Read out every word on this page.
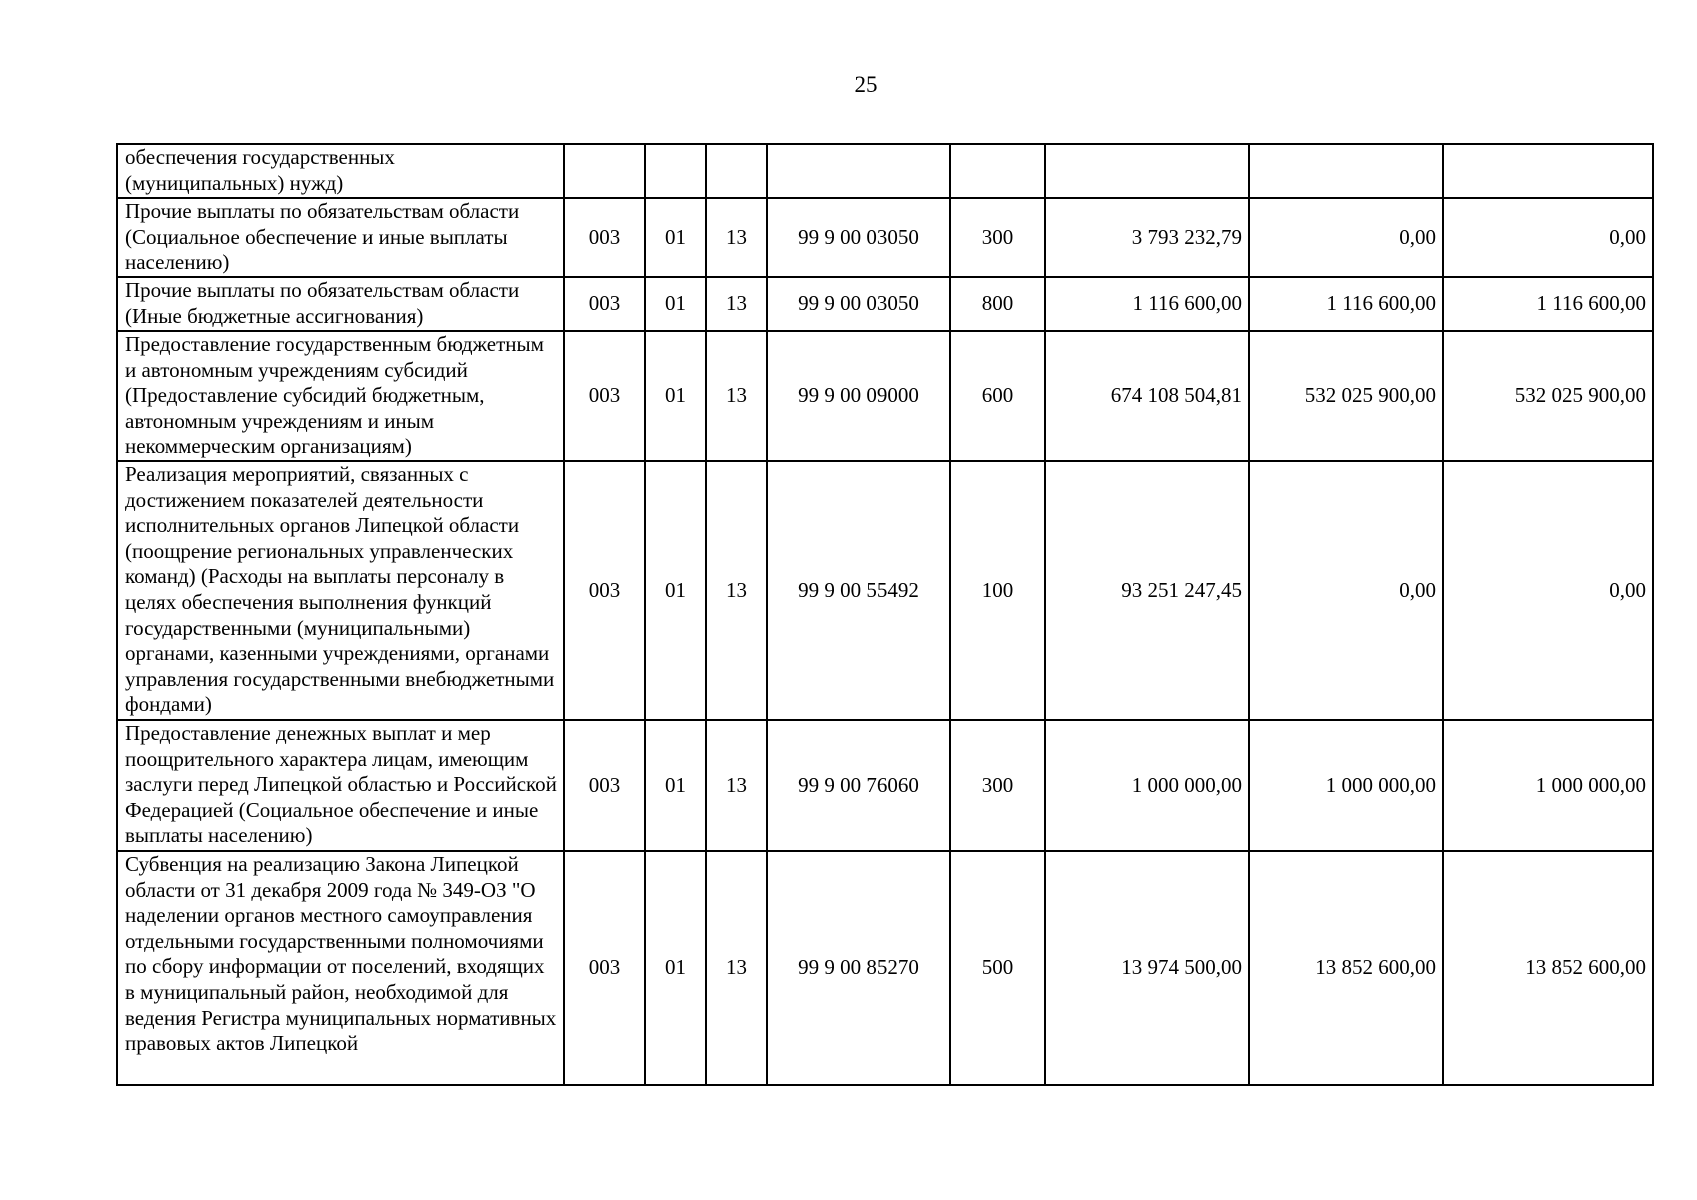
25
обеспечения государственных (муниципальных) нужд)								
Прочие выплаты по обязательствам области (Социальное обеспечение и иные выплаты населению)	003	01	13	99 9 00 03050	300	3 793 232,79	0,00	0,00
Прочие выплаты по обязательствам области (Иные бюджетные ассигнования)	003	01	13	99 9 00 03050	800	1 116 600,00	1 116 600,00	1 116 600,00
Предоставление государственным бюджетным и автономным учреждениям субсидий (Предоставление субсидий бюджетным, автономным учреждениям и иным некоммерческим организациям)	003	01	13	99 9 00 09000	600	674 108 504,81	532 025 900,00	532 025 900,00
Реализация мероприятий, связанных с достижением показателей деятельности исполнительных органов Липецкой области (поощрение региональных управленческих команд) (Расходы на выплаты персоналу в целях обеспечения выполнения функций государственными (муниципальными) органами, казенными учреждениями, органами управления государственными внебюджетными фондами)	003	01	13	99 9 00 55492	100	93 251 247,45	0,00	0,00
Предоставление денежных выплат и мер поощрительного характера лицам, имеющим заслуги перед Липецкой областью и Российской Федерацией (Социальное обеспечение и иные выплаты населению)	003	01	13	99 9 00 76060	300	1 000 000,00	1 000 000,00	1 000 000,00
Субвенция на реализацию Закона Липецкой области от 31 декабря 2009 года № 349-ОЗ "О наделении органов местного самоуправления отдельными государственными полномочиями по сбору информации от поселений, входящих в муниципальный район, необходимой для ведения Регистра муниципальных нормативных правовых актов Липецкой	003	01	13	99 9 00 85270	500	13 974 500,00	13 852 600,00	13 852 600,00
